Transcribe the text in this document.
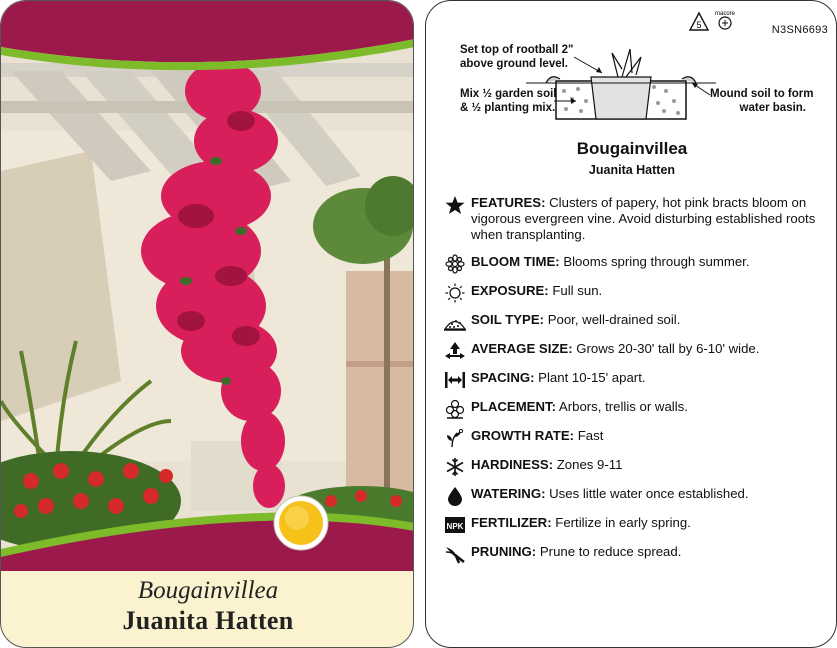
Bougainvillea
Juanita Hatten
5
macore
N3SN6693
Set top of rootball 2"
above ground level.
Mix ½ garden soil
& ½ planting mix.
Mound soil to form
water basin.
Bougainvillea
Juanita Hatten
FEATURES: Clusters of papery, hot pink bracts bloom on vigorous evergreen vine. Avoid disturbing established roots when transplanting.
BLOOM TIME: Blooms spring through summer.
EXPOSURE: Full sun.
SOIL TYPE: Poor, well-drained soil.
AVERAGE SIZE: Grows 20-30' tall by 6-10' wide.
SPACING: Plant 10-15' apart.
PLACEMENT: Arbors, trellis or walls.
GROWTH RATE: Fast
HARDINESS: Zones 9-11
WATERING: Uses little water once established.
NPK FERTILIZER: Fertilize in early spring.
PRUNING: Prune to reduce spread.
